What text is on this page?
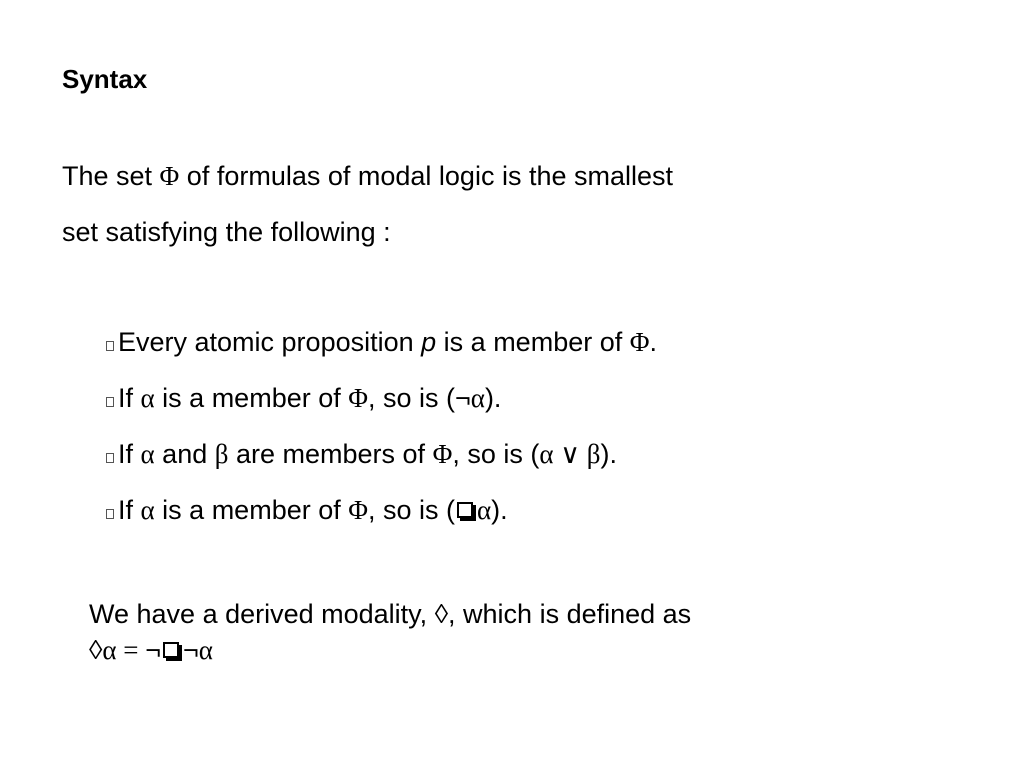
Syntax

The set Φ of formulas of modal logic is the smallest
set satisfying the following :

Every atomic proposition p is a member of Φ.
If α is a member of Φ, so is (¬α).
If α and β are members of Φ, so is (α ∨ β).
If α is a member of Φ, so is ( α).

We have a derived modality, ◊, which is defined as
◊α = ¬ ¬α
